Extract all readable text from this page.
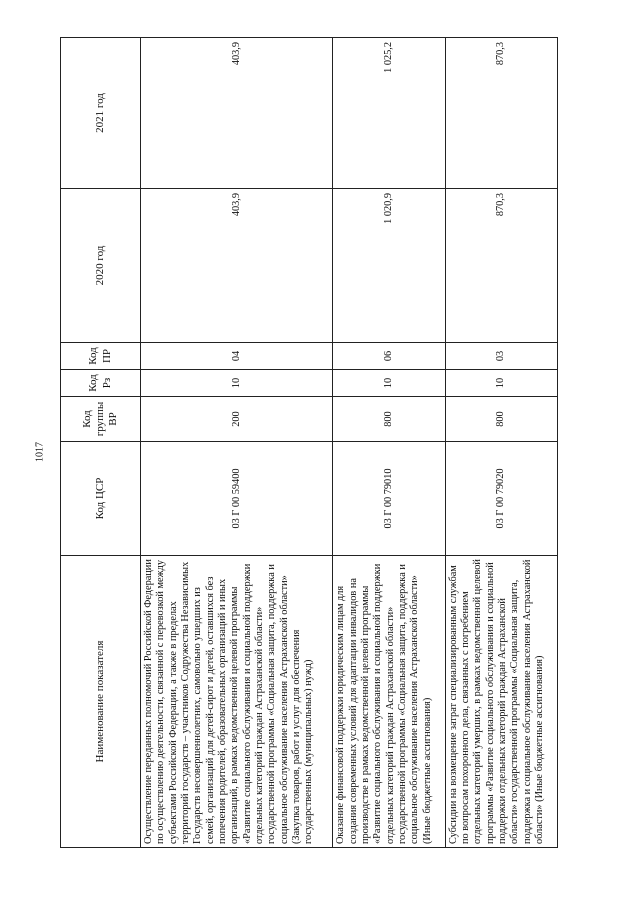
1017
Наименование показателя	Код ЦСР	Код группы ВР	Код Рз	Код ПР	2020 год	2021 год
Осуществление переданных полномочий Российской Федерации по осуществлению деятельности, связанной с перевозкой между субъектами Российской Федерации, а также в пределах территорий государств – участников Содружества Независимых Государств несовершеннолетних, самовольно ушедших из семей, организаций для детей-сирот и детей, оставшихся без попечения родителей, образовательных организаций и иных организаций, в рамках ведомственной целевой программы «Развитие социального обслуживания и социальной поддержки отдельных категорий граждан Астраханской области» государственной программы «Социальная защита, поддержка и социальное обслуживание населения Астраханской области» (Закупка товаров, работ и услуг для обеспечения государственных (муниципальных) нужд)	03 Г 00 59400	200	10	04	403,9	403,9
Оказание финансовой поддержки юридическим лицам для создания современных условий для адаптации инвалидов на производстве в рамках ведомственной целевой программы «Развитие социального обслуживания и социальной поддержки отдельных категорий граждан Астраханской области» государственной программы «Социальная защита, поддержка и социальное обслуживание населения Астраханской области» (Иные бюджетные ассигнования)	03 Г 00 79010	800	10	06	1 020,9	1 025,2
Субсидии на возмещение затрат специализированным службам по вопросам похоронного дела, связанных с погребением отдельных категорий умерших, в рамках ведомственной целевой программы «Развитие социального обслуживания и социальной поддержки отдельных категорий граждан Астраханской области» государственной программы «Социальная защита, поддержка и социальное обслуживание населения Астраханской области» (Иные бюджетные ассигнования)	03 Г 00 79020	800	10	03	870,3	870,3
